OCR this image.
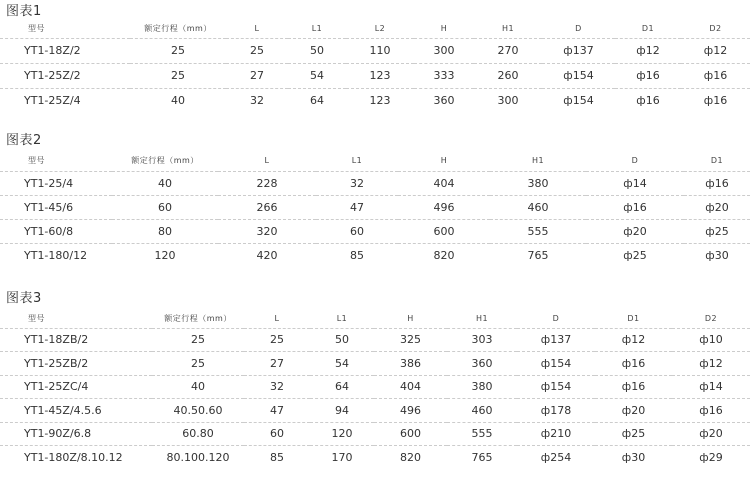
图表1
型号	额定行程（mm）	L	L1	L2	H	H1	D	D1	D2
YT1-18Z/2	25	25	50	110	300	270	ф137	ф12	ф12
YT1-25Z/2	25	27	54	123	333	260	ф154	ф16	ф16
YT1-25Z/4	40	32	64	123	360	300	ф154	ф16	ф16
图表2
型号	额定行程（mm）	L	L1	H	H1	D	D1
YT1-25/4	40	228	32	404	380	ф14	ф16
YT1-45/6	60	266	47	496	460	ф16	ф20
YT1-60/8	80	320	60	600	555	ф20	ф25
YT1-180/12	120	420	85	820	765	ф25	ф30
图表3
型号	额定行程（mm）	L	L1	H	H1	D	D1	D2
YT1-18ZB/2	25	25	50	325	303	ф137	ф12	ф10
YT1-25ZB/2	25	27	54	386	360	ф154	ф16	ф12
YT1-25ZC/4	40	32	64	404	380	ф154	ф16	ф14
YT1-45Z/4.5.6	40.50.60	47	94	496	460	ф178	ф20	ф16
YT1-90Z/6.8	60.80	60	120	600	555	ф210	ф25	ф20
YT1-180Z/8.10.12	80.100.120	85	170	820	765	ф254	ф30	ф29
